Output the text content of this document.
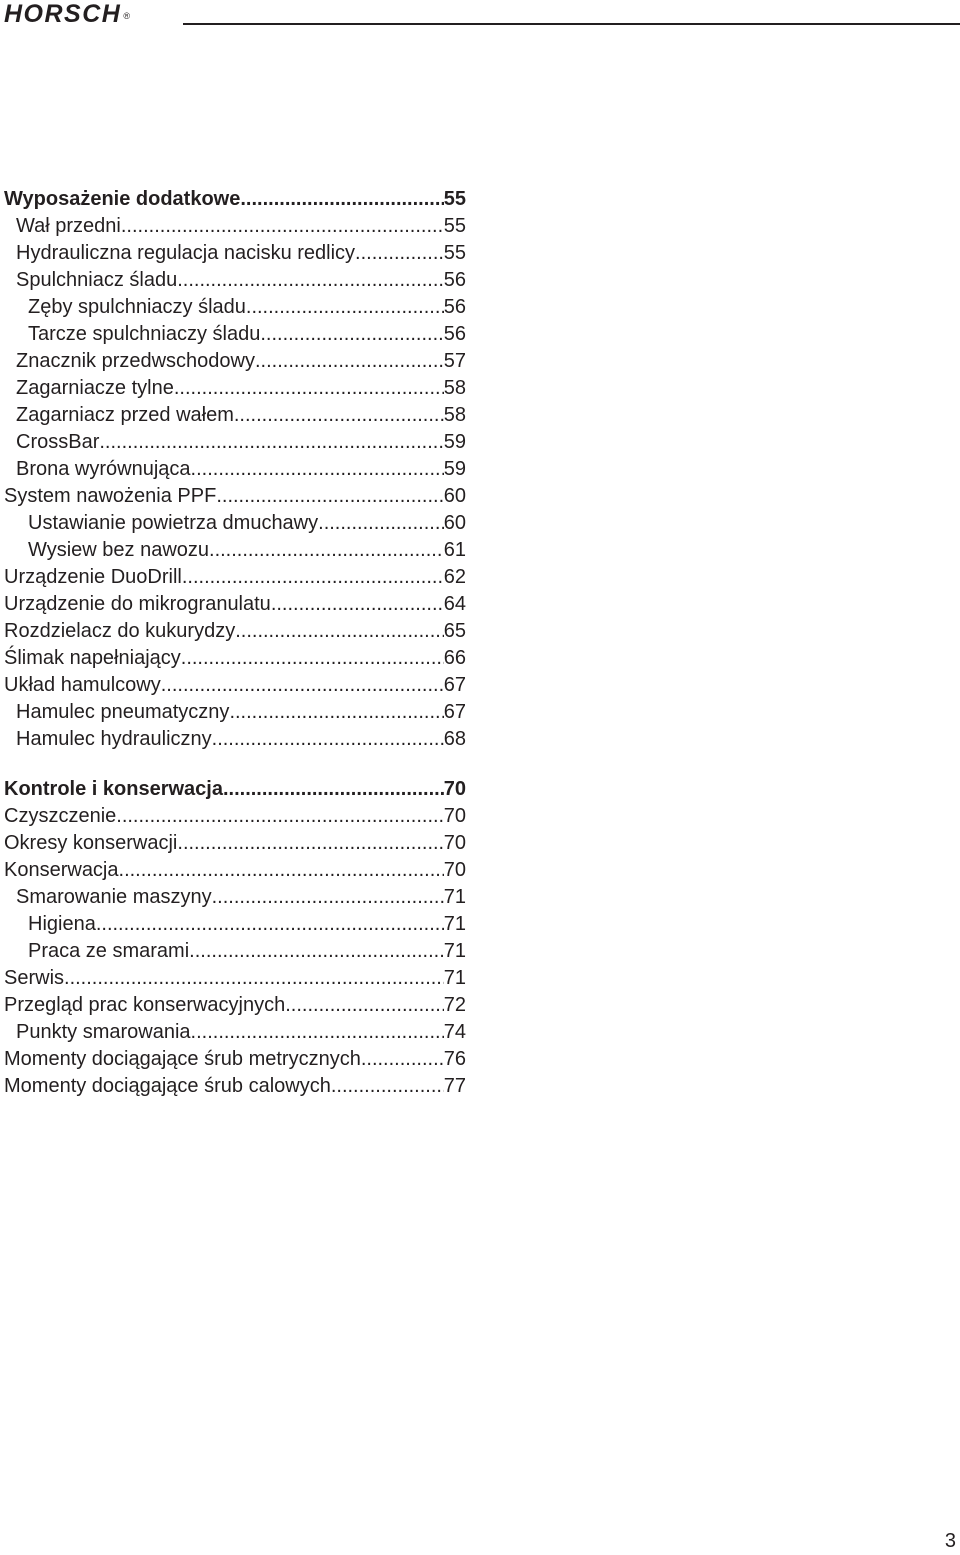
HORSCH ®
Wyposażenie dodatkowe .....	55
Wał przedni .....	55
Hydrauliczna regulacja nacisku redlicy .....	55
Spulchniacz śladu .....	56
Zęby spulchniaczy śladu .....	56
Tarcze spulchniaczy śladu .....	56
Znacznik przedwschodowy .....	57
Zagarniacze tylne .....	58
Zagarniacz przed wałem .....	58
CrossBar .....	59
Brona wyrównująca .....	59
System nawożenia PPF .....	60
Ustawianie powietrza dmuchawy .....	60
Wysiew bez nawozu .....	61
Urządzenie DuoDrill .....	62
Urządzenie do mikrogranulatu .....	64
Rozdzielacz do kukurydzy .....	65
Ślimak napełniający .....	66
Układ hamulcowy .....	67
Hamulec pneumatyczny .....	67
Hamulec hydrauliczny .....	68
Kontrole i konserwacja .....	70
Czyszczenie .....	70
Okresy konserwacji .....	70
Konserwacja .....	70
Smarowanie maszyny .....	71
Higiena .....	71
Praca ze smarami .....	71
Serwis .....	71
Przegląd prac konserwacyjnych .....	72
Punkty smarowania .....	74
Momenty dociągające śrub metrycznych .....	76
Momenty dociągające śrub calowych .....	77
3
